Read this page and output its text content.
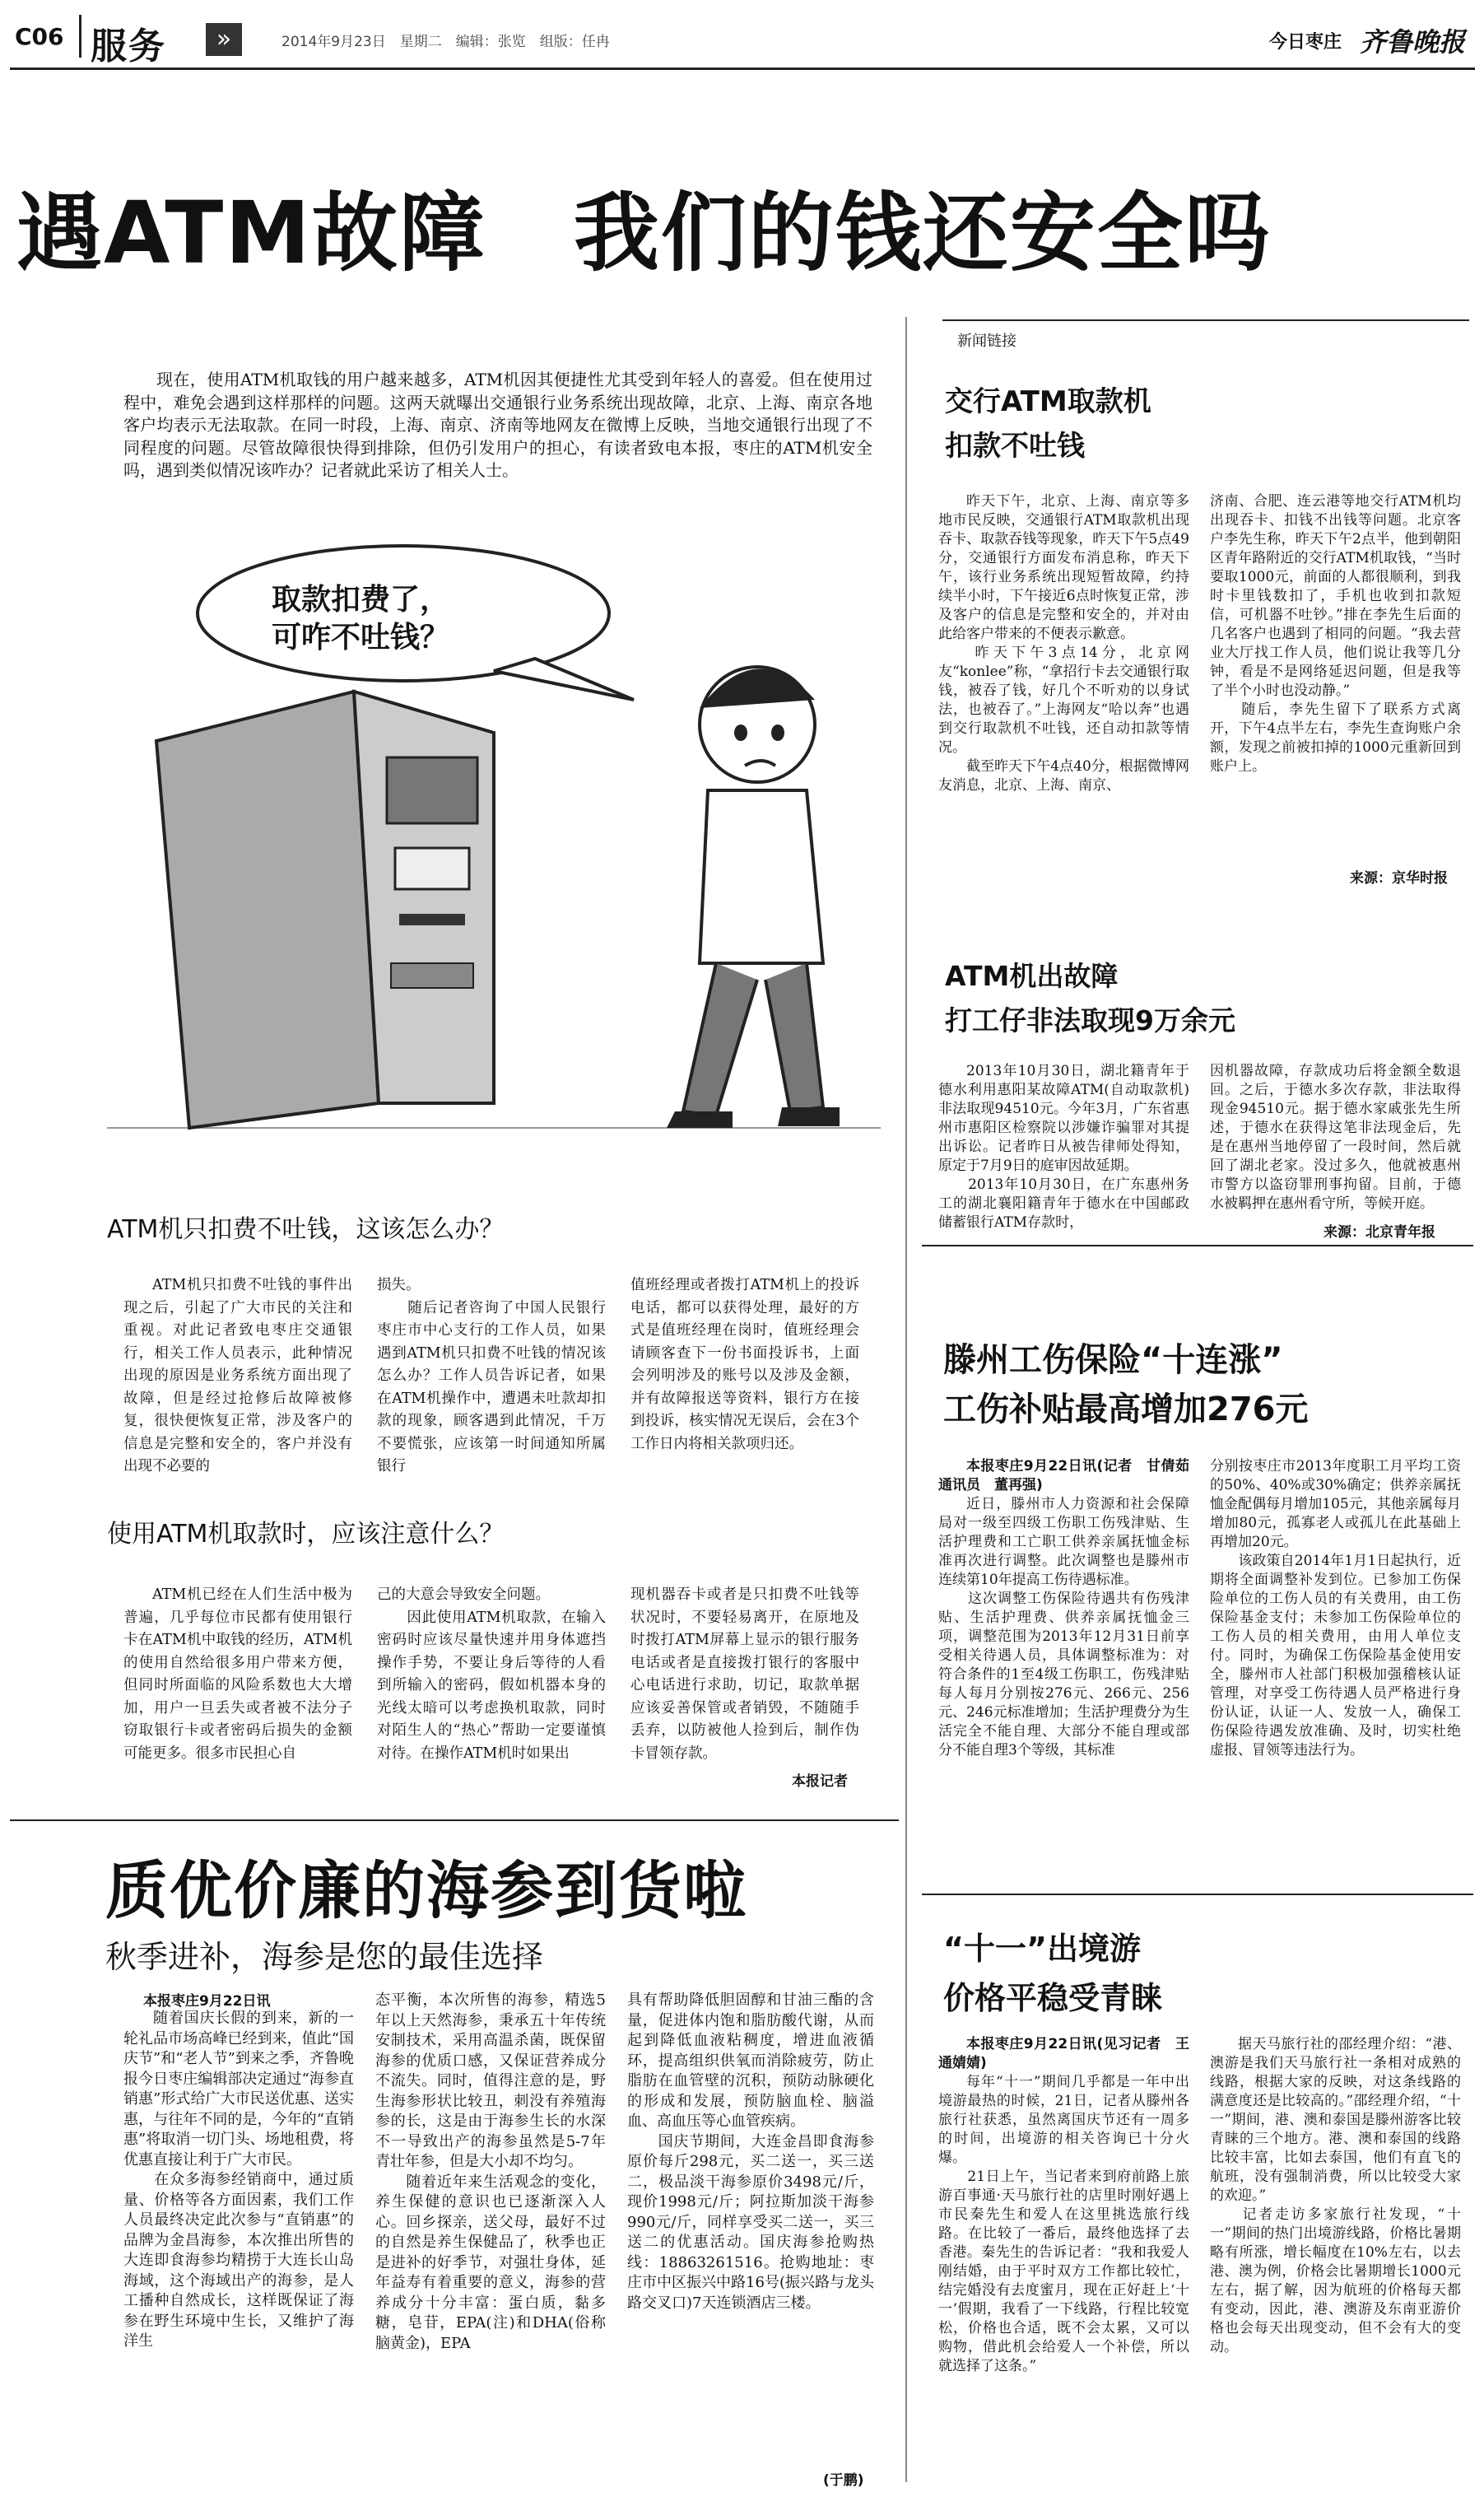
C06 服务	»	2014年9月23日　星期二　编辑：张览　组版：任冉	今日枣庄 齐鲁晚报
遇ATM故障　我们的钱还安全吗

现在，使用ATM机取钱的用户越来越多，ATM机因其便捷性尤其受到年轻人的喜爱。但在使用过程中，难免会遇到这样那样的问题。这两天就曝出交通银行业务系统出现故障，北京、上海、南京各地客户均表示无法取款。在同一时段，上海、南京、济南等地网友在微博上反映，当地交通银行出现了不同程度的问题。尽管故障很快得到排除，但仍引发用户的担心，有读者致电本报，枣庄的ATM机安全吗，遇到类似情况该咋办？记者就此采访了相关人士。

取款扣费了，
可咋不吐钱？
ATM机只扣费不吐钱，这该怎么办？

ATM机只扣费不吐钱的事件出现之后，引起了广大市民的关注和重视。对此记者致电枣庄交通银行，相关工作人员表示，此种情况出现的原因是业务系统方面出现了故障，但是经过抢修后故障被修复，很快便恢复正常，涉及客户的信息是完整和安全的，客户并没有出现不必要的

损失。
　　随后记者咨询了中国人民银行枣庄市中心支行的工作人员，如果遇到ATM机只扣费不吐钱的情况该怎么办？工作人员告诉记者，如果在ATM机操作中，遭遇未吐款却扣款的现象，顾客遇到此情况，千万不要慌张，应该第一时间通知所属银行

值班经理或者拨打ATM机上的投诉电话，都可以获得处理，最好的方式是值班经理在岗时，值班经理会请顾客查下一份书面投诉书，上面会列明涉及的账号以及涉及金额，并有故障报送等资料，银行方在接到投诉，核实情况无误后，会在3个工作日内将相关款项归还。

使用ATM机取款时，应该注意什么？

ATM机已经在人们生活中极为普遍，几乎每位市民都有使用银行卡在ATM机中取钱的经历，ATM机的使用自然给很多用户带来方便，但同时所面临的风险系数也大大增加，用户一旦丢失或者被不法分子窃取银行卡或者密码后损失的金额可能更多。很多市民担心自

己的大意会导致安全问题。
　　因此使用ATM机取款，在输入密码时应该尽量快速并用身体遮挡操作手势，不要让身后等待的人看到所输入的密码，假如机器本身的光线太暗可以考虑换机取款，同时对陌生人的“热心”帮助一定要谨慎对待。在操作ATM机时如果出

现机器吞卡或者是只扣费不吐钱等状况时，不要轻易离开，在原地及时拨打ATM屏幕上显示的银行服务电话或者是直接拨打银行的客服中心电话进行求助，切记，取款单据应该妥善保管或者销毁，不随随手丢弃，以防被他人捡到后，制作伪卡冒领存款。

本报记者
质优价廉的海参到货啦
秋季进补，海参是您的最佳选择
本报枣庄9月22日讯

随着国庆长假的到来，新的一轮礼品市场高峰已经到来，值此“国庆节”和“老人节”到来之季，齐鲁晚报今日枣庄编辑部决定通过“海参直销惠”形式给广大市民送优惠、送实惠，与往年不同的是，今年的“直销惠”将取消一切门头、场地租费，将优惠直接让利于广大市民。
　　在众多海参经销商中，通过质量、价格等各方面因素，我们工作人员最终决定此次参与“直销惠”的品牌为金昌海参，本次推出所售的大连即食海参均精捞于大连长山岛海域，这个海域出产的海参，是人工播种自然成长，这样既保证了海参在野生环境中生长，又维护了海洋生

态平衡，本次所售的海参，精选5年以上天然海参，秉承五十年传统安制技术，采用高温杀菌，既保留海参的优质口感，又保证营养成分不流失。同时，值得注意的是，野生海参形状比较丑，刺没有养殖海参的长，这是由于海参生长的水深不一导致出产的海参虽然是5-7年青壮年参，但是大小却不均匀。
　　随着近年来生活观念的变化，养生保健的意识也已逐渐深入人心。回乡探亲，送父母，最好不过的自然是养生保健品了，秋季也正是进补的好季节，对强壮身体，延年益寿有着重要的意义，海参的营养成分十分丰富：蛋白质，黏多糖，皂苷，EPA(注)和DHA(俗称脑黄金)，EPA

具有帮助降低胆固醇和甘油三酯的含量，促进体内饱和脂肪酸代谢，从而起到降低血液粘稠度，增进血液循环，提高组织供氧而消除疲劳，防止脂肪在血管壁的沉积，预防动脉硬化的形成和发展，预防脑血栓、脑溢血、高血压等心血管疾病。
　　国庆节期间，大连金昌即食海参原价每斤298元，买二送一，买三送二，极品淡干海参原价3498元/斤，现价1998元/斤；阿拉斯加淡干海参990元/斤，同样享受买二送一，买三送二的优惠活动。国庆海参抢购热线：18863261516。抢购地址：枣庄市中区振兴中路16号(振兴路与龙头路交叉口)7天连锁酒店三楼。

(于鹏)
新闻链接
交行ATM取款机
扣款不吐钱

昨天下午，北京、上海、南京等多地市民反映，交通银行ATM取款机出现吞卡、取款吞钱等现象，昨天下午5点49分，交通银行方面发布消息称，昨天下午，该行业务系统出现短暂故障，约持续半小时，下午接近6点时恢复正常，涉及客户的信息是完整和安全的，并对由此给客户带来的不便表示歉意。
　　昨天下午3点14分，北京网友“konlee”称，“拿招行卡去交通银行取钱，被吞了钱，好几个不听劝的以身试法，也被吞了。”上海网友“哈以奔”也遇到交行取款机不吐钱，还自动扣款等情况。
　　截至昨天下午4点40分，根据微博网友消息，北京、上海、南京、

济南、合肥、连云港等地交行ATM机均出现吞卡、扣钱不出钱等问题。北京客户李先生称，昨天下午2点半，他到朝阳区青年路附近的交行ATM机取钱，“当时要取1000元，前面的人都很顺利，到我时卡里钱数扣了，手机也收到扣款短信，可机器不吐钞。”排在李先生后面的几名客户也遇到了相同的问题。“我去营业大厅找工作人员，他们说让我等几分钟，看是不是网络延迟问题，但是我等了半个小时也没动静。”
　　随后，李先生留下了联系方式离开，下午4点半左右，李先生查询账户余额，发现之前被扣掉的1000元重新回到账户上。

来源：京华时报
ATM机出故障
打工仔非法取现9万余元

2013年10月30日，湖北籍青年于德水利用惠阳某故障ATM(自动取款机)非法取现94510元。今年3月，广东省惠州市惠阳区检察院以涉嫌诈骗罪对其提出诉讼。记者昨日从被告律师处得知，原定于7月9日的庭审因故延期。
　　2013年10月30日，在广东惠州务工的湖北襄阳籍青年于德水在中国邮政储蓄银行ATM存款时，

因机器故障，存款成功后将金额全数退回。之后，于德水多次存款，非法取得现金94510元。据于德水家戚张先生所述，于德水在获得这笔非法现金后，先是在惠州当地停留了一段时间，然后就回了湖北老家。没过多久，他就被惠州市警方以盗窃罪刑事拘留。目前，于德水被羁押在惠州看守所，等候开庭。

来源：北京青年报
滕州工伤保险“十连涨”
工伤补贴最高增加276元

本报枣庄9月22日讯(记者　甘倩茹　通讯员　董再强)

近日，滕州市人力资源和社会保障局对一级至四级工伤职工伤残津贴、生活护理费和工亡职工供养亲属抚恤金标准再次进行调整。此次调整也是滕州市连续第10年提高工伤待遇标准。
　　这次调整工伤保险待遇共有伤残津贴、生活护理费、供养亲属抚恤金三项，调整范围为2013年12月31日前享受相关待遇人员，具体调整标准为：对符合条件的1至4级工伤职工，伤残津贴每人每月分别按276元、266元、256元、246元标准增加；生活护理费分为生活完全不能自理、大部分不能自理或部分不能自理3个等级，其标准

分别按枣庄市2013年度职工月平均工资的50%、40%或30%确定；供养亲属抚恤金配偶每月增加105元，其他亲属每月增加80元，孤寡老人或孤儿在此基础上再增加20元。
　　该政策自2014年1月1日起执行，近期将全面调整补发到位。已参加工伤保险单位的工伤人员的有关费用，由工伤保险基金支付；未参加工伤保险单位的工伤人员的相关费用，由用人单位支付。同时，为确保工伤保险基金使用安全，滕州市人社部门积极加强稽核认证管理，对享受工伤待遇人员严格进行身份认证，认证一人、发放一人，确保工伤保险待遇发放准确、及时，切实杜绝虚报、冒领等违法行为。

“十一”出境游
价格平稳受青睐

本报枣庄9月22日讯(见习记者　王通婧婧)

每年“十一”期间几乎都是一年中出境游最热的时候，21日，记者从滕州各旅行社获悉，虽然离国庆节还有一周多的时间，出境游的相关咨询已十分火爆。
　　21日上午，当记者来到府前路上旅游百事通·天马旅行社的店里时刚好遇上市民秦先生和爱人在这里挑选旅行线路。在比较了一番后，最终他选择了去香港。秦先生的告诉记者：“我和我爱人刚结婚，由于平时双方工作都比较忙，结完婚没有去度蜜月，现在正好赶上‘十一’假期，我看了一下线路，行程比较宽松，价格也合适，既不会太累，又可以购物，借此机会给爱人一个补偿，所以就选择了这条。”

据天马旅行社的邵经理介绍：“港、澳游是我们天马旅行社一条相对成熟的线路，根据大家的反映，对这条线路的满意度还是比较高的。”邵经理介绍，“十一”期间，港、澳和泰国是滕州游客比较青睐的三个地方。港、澳和泰国的线路比较丰富，比如去泰国，他们有直飞的航班，没有强制消费，所以比较受大家的欢迎。”
　　记者走访多家旅行社发现，“十一”期间的热门出境游线路，价格比暑期略有所涨，增长幅度在10%左右，以去港、澳为例，价格会比暑期增长1000元左右，据了解，因为航班的价格每天都有变动，因此，港、澳游及东南亚游价格也会每天出现变动，但不会有大的变动。
